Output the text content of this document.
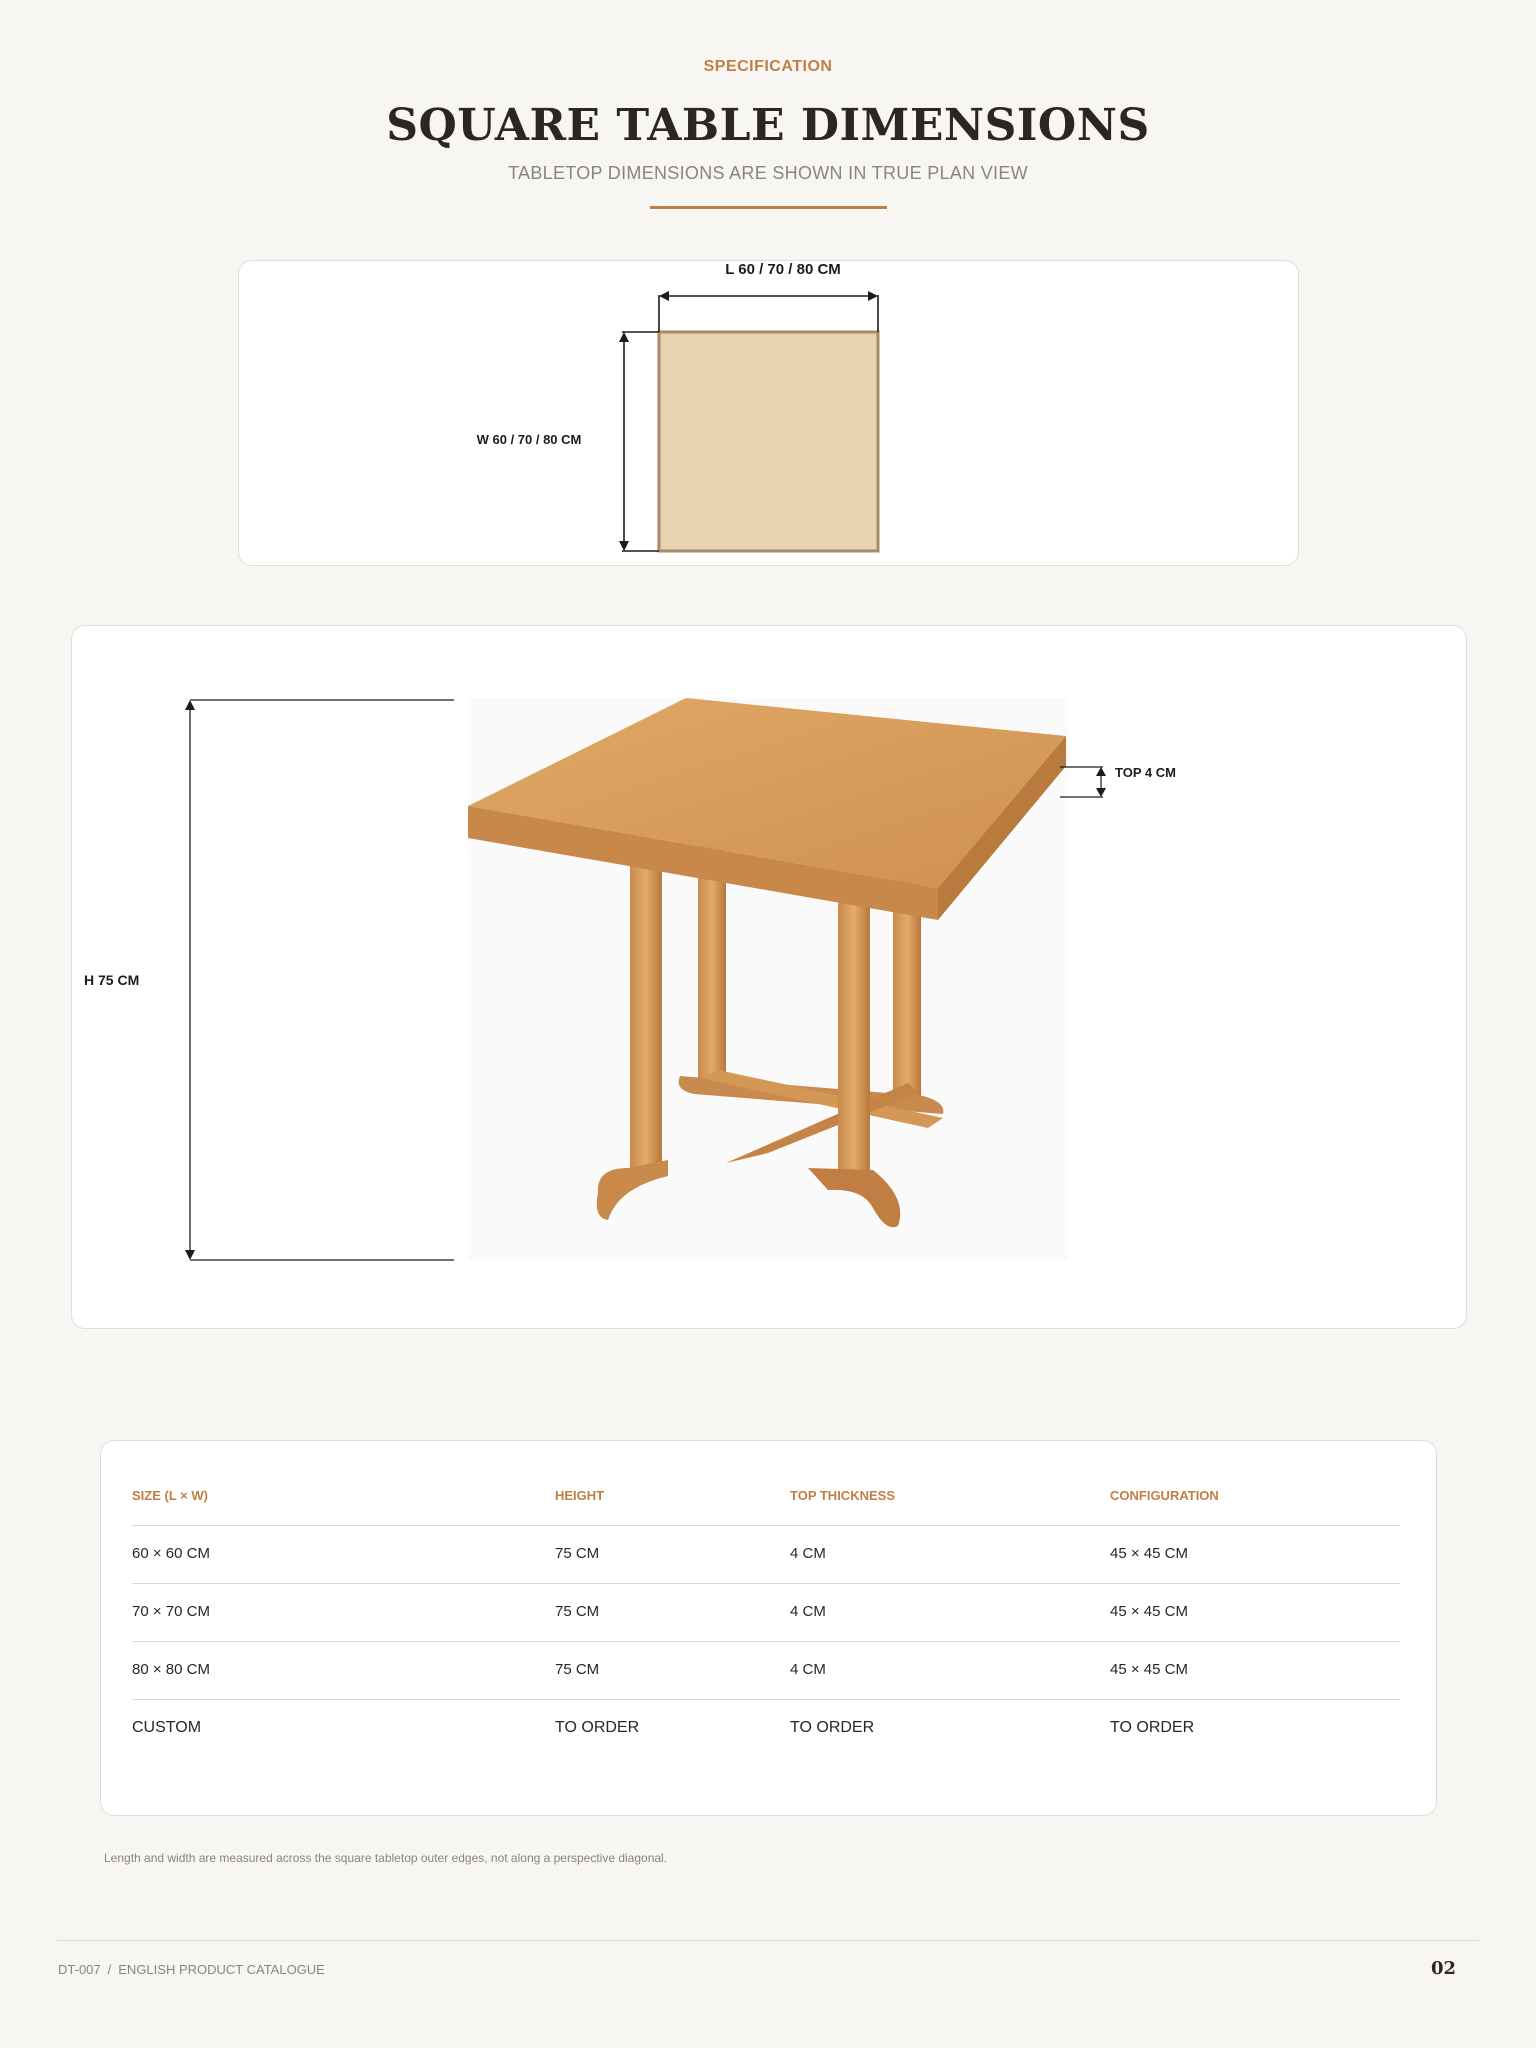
SPECIFICATION
SQUARE TABLE DIMENSIONS
TABLETOP DIMENSIONS ARE SHOWN IN TRUE PLAN VIEW
L 60 / 70 / 80 CM
W 60 / 70 / 80 CM
H 75 CM
TOP 4 CM
SIZE (L × W)	HEIGHT	TOP THICKNESS	CONFIGURATION
60 × 60 CM	75 CM	4 CM	45 × 45 CM
70 × 70 CM	75 CM	4 CM	45 × 45 CM
80 × 80 CM	75 CM	4 CM	45 × 45 CM
CUSTOM	TO ORDER	TO ORDER	TO ORDER
Length and width are measured across the square tabletop outer edges, not along a perspective diagonal.
DT-007 / ENGLISH PRODUCT CATALOGUE	02
